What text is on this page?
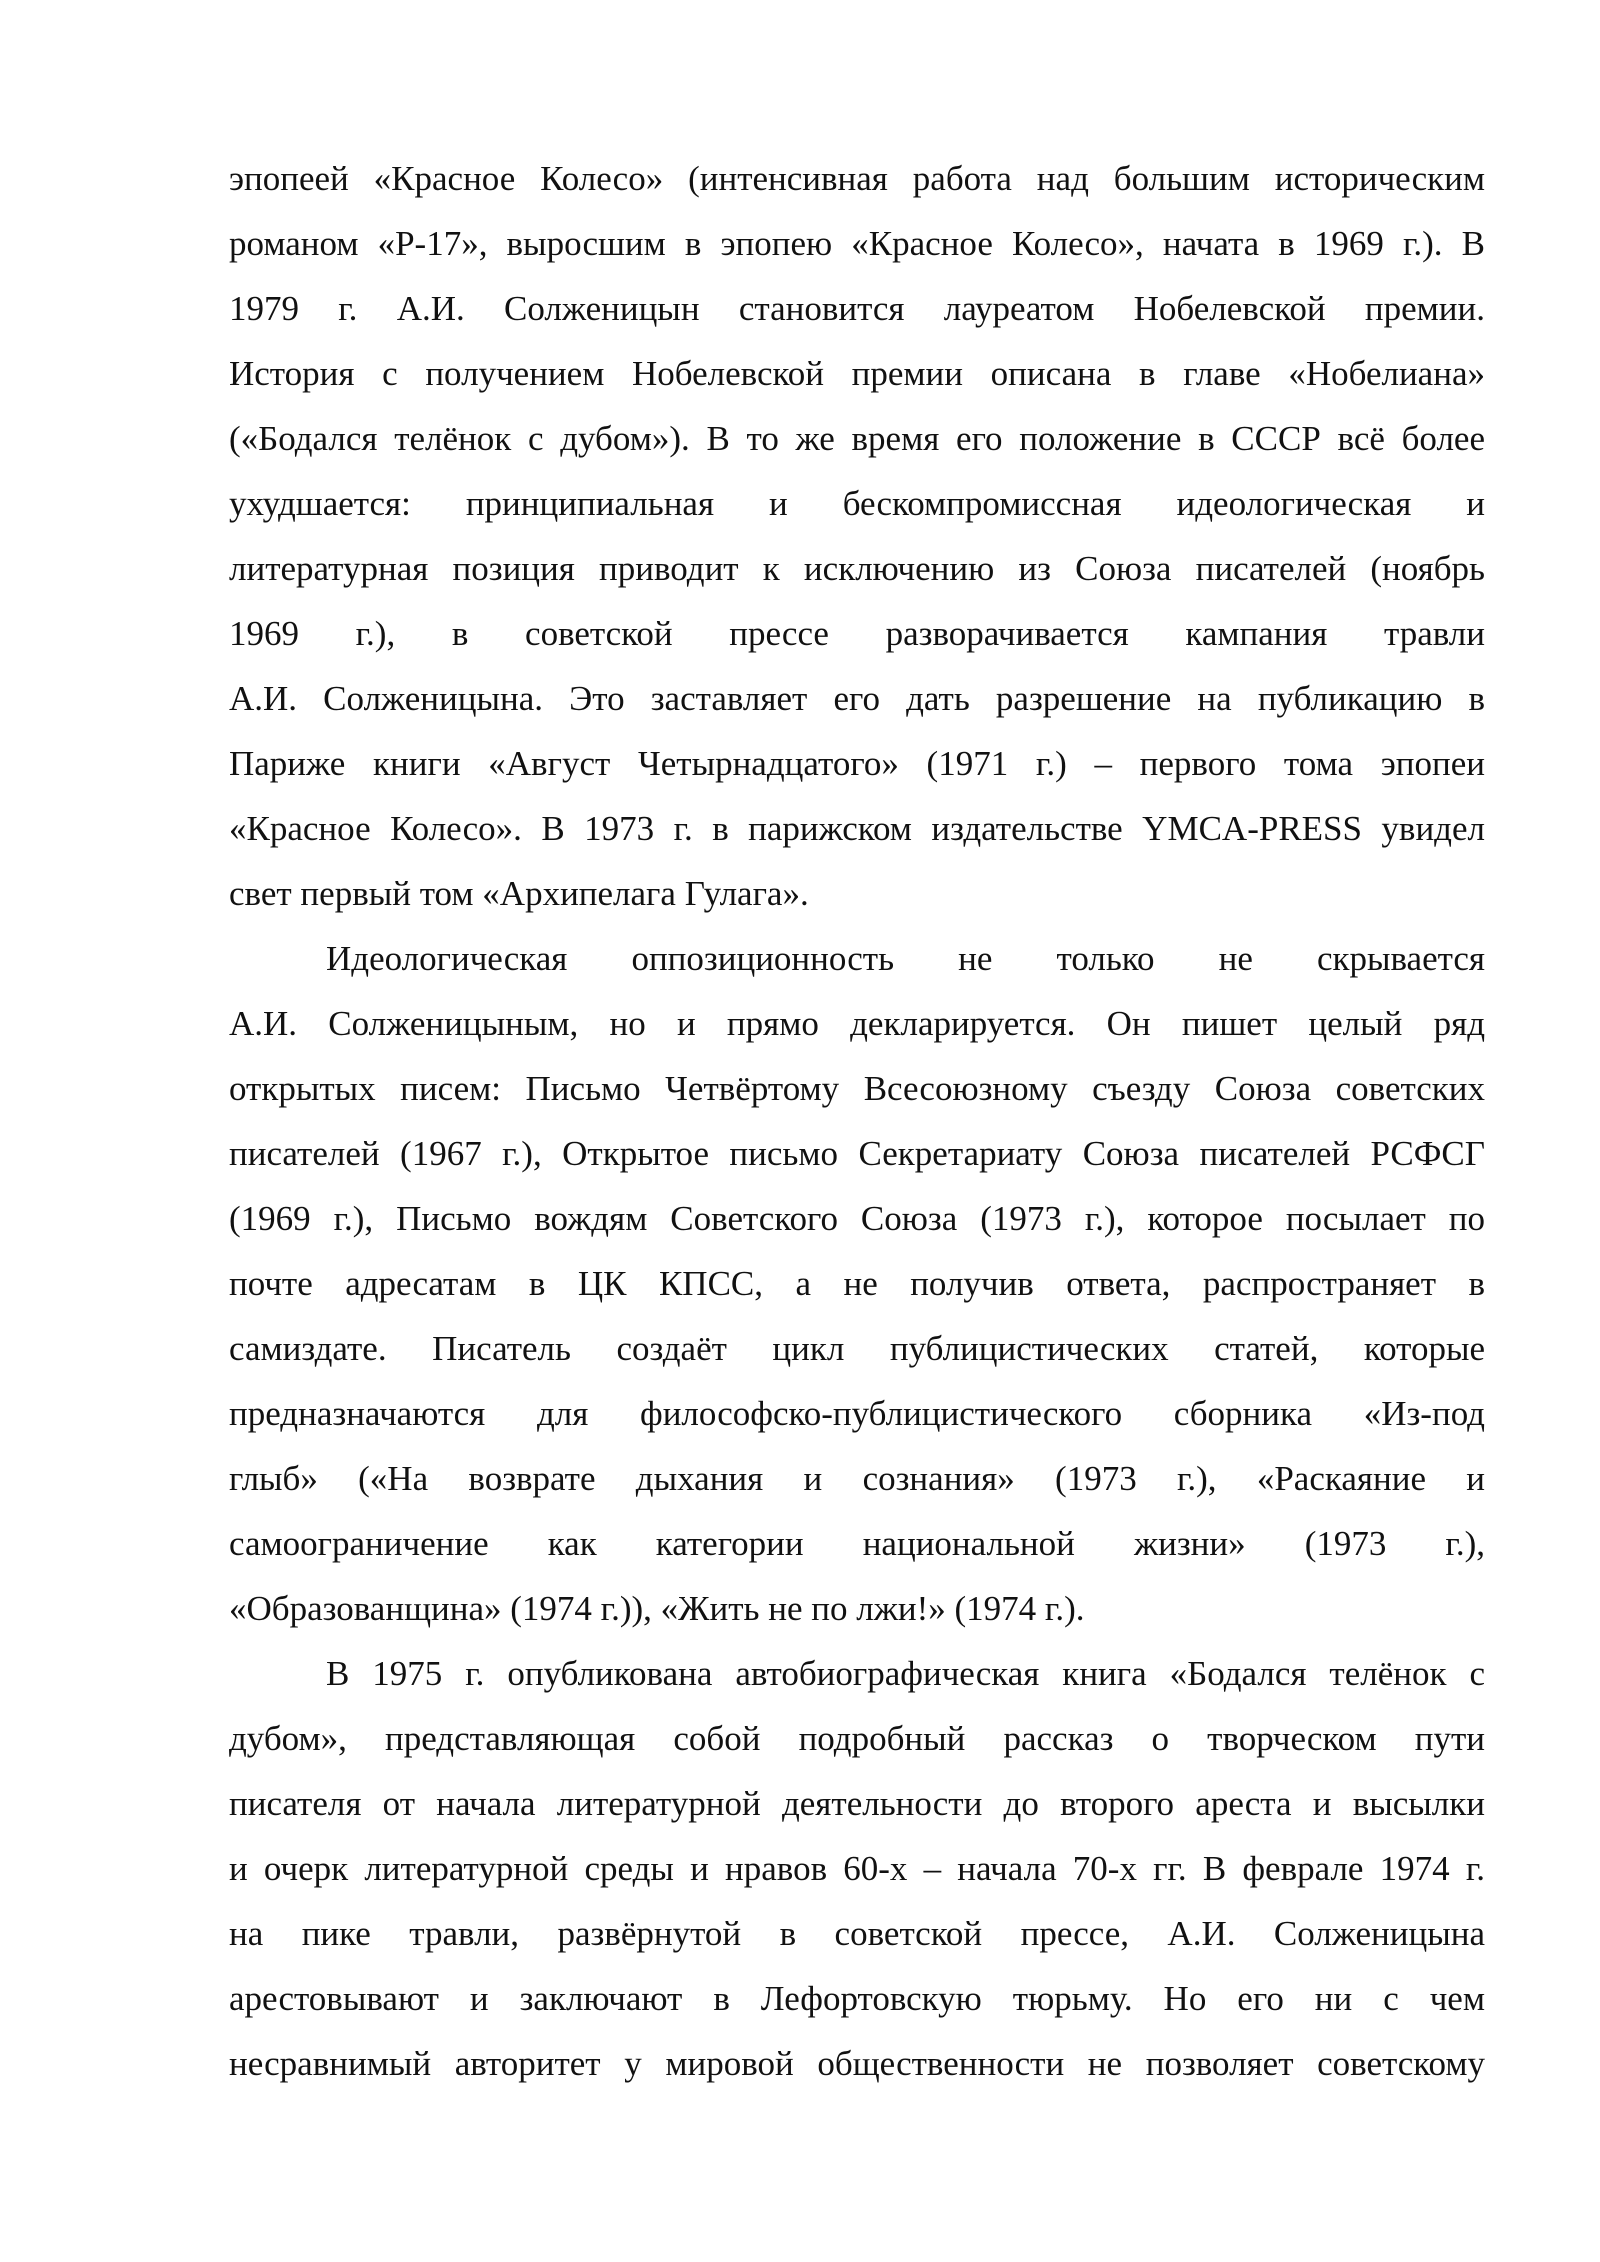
эпопеей «Красное Колесо» (интенсивная работа над большим историческим
романом «Р-17», выросшим в эпопею «Красное Колесо», начата в 1969 г.). В
1979 г. А.И. Солженицын становится лауреатом Нобелевской премии.
История с получением Нобелевской премии описана в главе «Нобелиана»
(«Бодался телёнок с дубом»). В то же время его положение в СССР всё более
ухудшается: принципиальная и бескомпромиссная идеологическая и
литературная позиция приводит к исключению из Союза писателей (ноябрь
1969 г.), в советской прессе разворачивается кампания травли
А.И. Солженицына. Это заставляет его дать разрешение на публикацию в
Париже книги «Август Четырнадцатого» (1971 г.) – первого тома эпопеи
«Красное Колесо». В 1973 г. в парижском издательстве YMCA-PRESS увидел
свет первый том «Архипелага Гулага».
Идеологическая оппозиционность не только не скрывается
А.И. Солженицыным, но и прямо декларируется. Он пишет целый ряд
открытых писем: Письмо Четвёртому Всесоюзному съезду Союза советских
писателей (1967 г.), Открытое письмо Секретариату Союза писателей РСФСГ
(1969 г.), Письмо вождям Советского Союза (1973 г.), которое посылает по
почте адресатам в ЦК КПСС, а не получив ответа, распространяет в
самиздате. Писатель создаёт цикл публицистических статей, которые
предназначаются для философско-публицистического сборника «Из-под
глыб» («На возврате дыхания и сознания» (1973 г.), «Раскаяние и
самоограничение как категории национальной жизни» (1973 г.),
«Образованщина» (1974 г.)), «Жить не по лжи!» (1974 г.).
В 1975 г. опубликована автобиографическая книга «Бодался телёнок с
дубом», представляющая собой подробный рассказ о творческом пути
писателя от начала литературной деятельности до второго ареста и высылки
и очерк литературной среды и нравов 60-х – начала 70-х гг. В феврале 1974 г.
на пике травли, развёрнутой в советской прессе, А.И. Солженицына
арестовывают и заключают в Лефортовскую тюрьму. Но его ни с чем
несравнимый авторитет у мировой общественности не позволяет советскому
